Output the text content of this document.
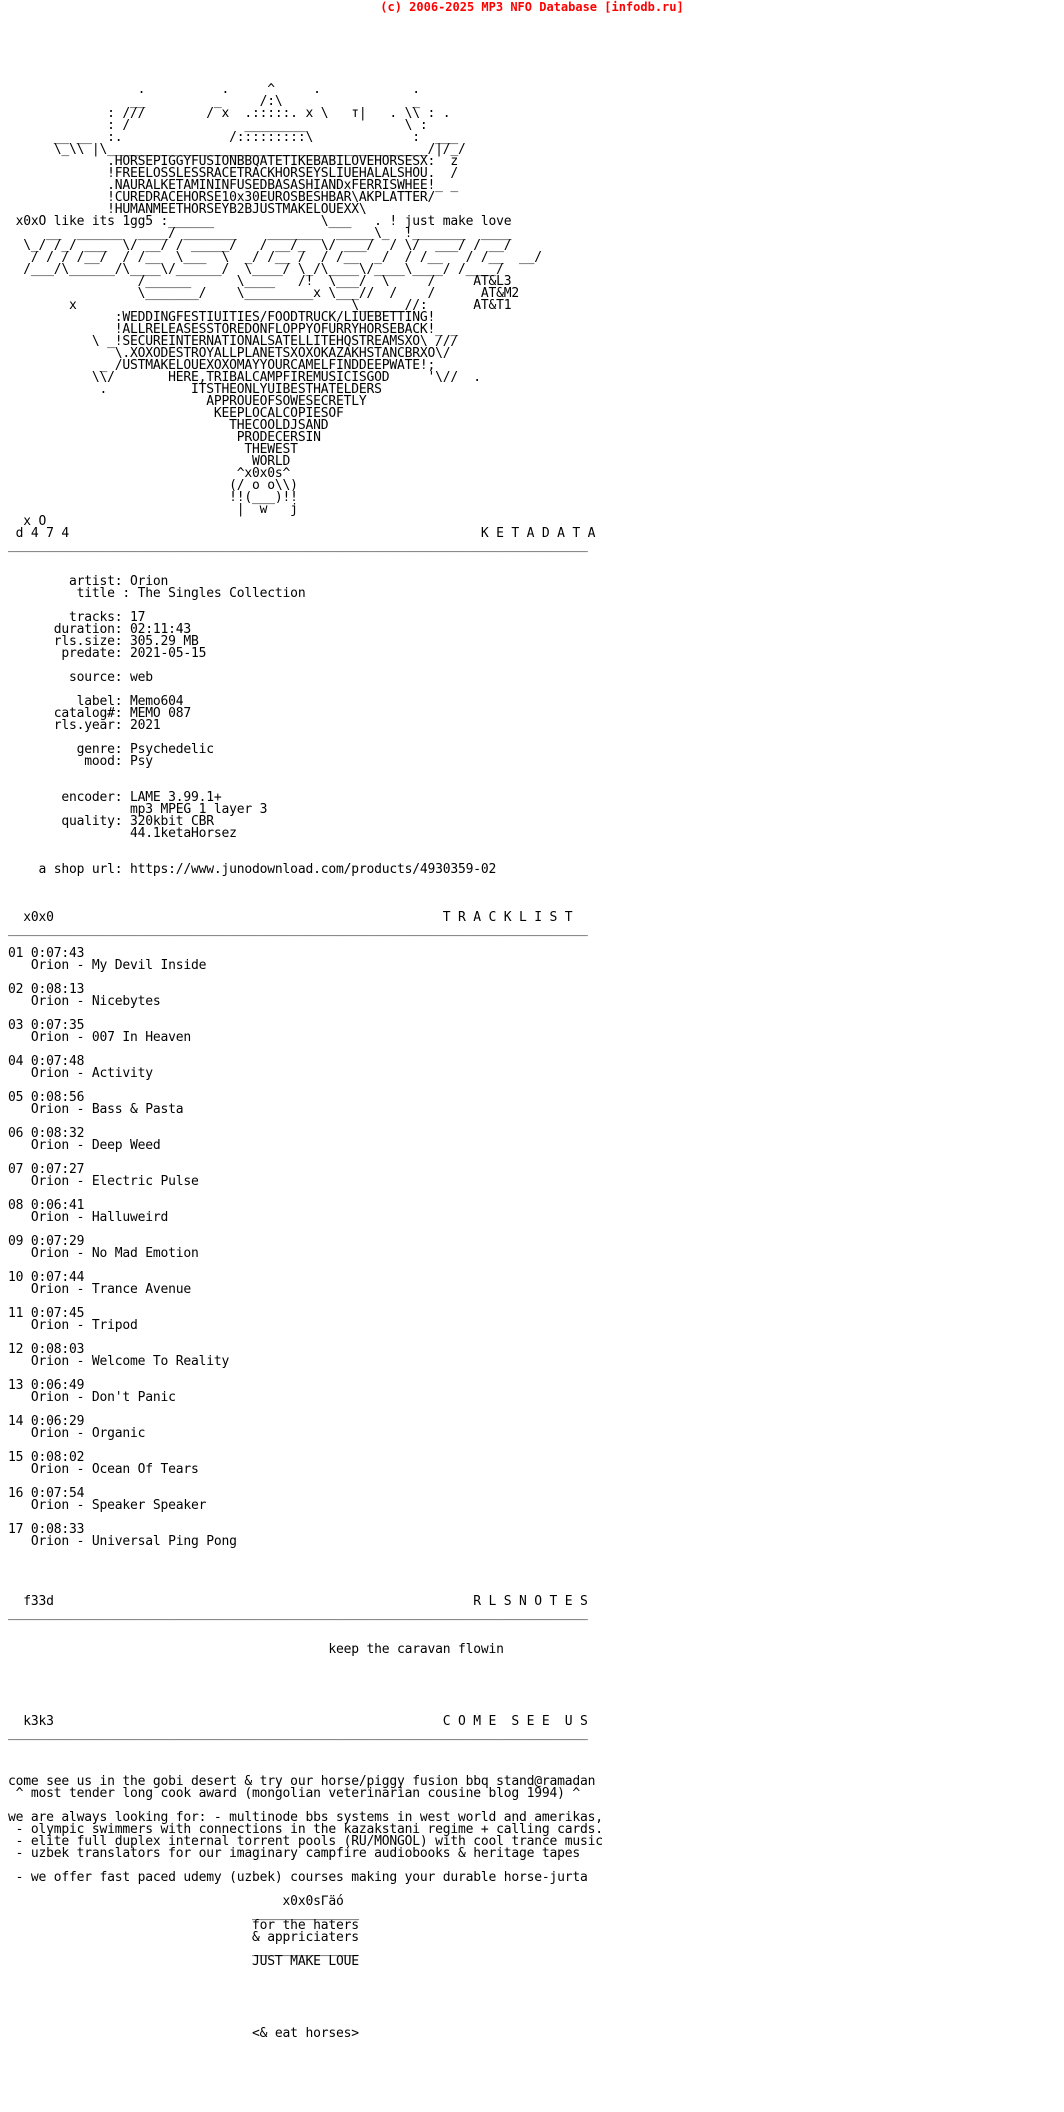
(c) 2006-2025 MP3 NFO Database [infodb.ru]
.          .     ^     .            .
__         _     /:\                 _
: ///        / x  .:::::. x \   т|   . \\ : .
: /               ________             \ :
__ __  :.              /:::::::::\             :  ___
\_\\ |\__________________________________________/|/_/
.HORSEPIGGYFUSIONBBQATETIKEBABILOVEHORSESX:  z
!FREELOSSLESSRACETRACKHORSEYSLIUEHALALSHOU.  /
.NAURALKETAMININFUSEDBASASHIANDxFERRISWHEE!_ _
!CUREDRACEHORSE10x30EUROSBESHBAR\AKPLATTER/
!HUMANMEETHORSEYB2BJUSTMAKELOUEXX\
x0xO like its 1gg5 :______              \___   . ! just make love
__  ______  ____/ _______    _______  _____\_  !_______  ____
\_/ /_/ ___  \/ __/ / _____/   / __/_  \/ ___/  / \/  ___/ / __/
/ / / /__/  / /__  \___  \  _/ /__ /  / /__  _/  / /__   / /__  __/
/___/\______/\____\/______/  \____/ \_/\____\/____\____/ /____/
/______      \____   /!  \___/  \     /     AT&L3
\_______/    \_________x \___//  /    /      AT&M2
x                                    \______//:      AT&T1
:WEDDINGFESTIUITIES/FOODTRUCK/LIUEBETTING!
!ALLRELEASESSTOREDONFLOPPYOFURRYHORSEBACK!_ _
\ _!SECUREINTERNATIONALSATELLITEHQSTREAMSXO\ ///
\.XOXODESTROYALLPLANETSXOXOKAZAKHSTANCBRXO\/
_ /USTMAKELOUEXOXOMAYYOURCAMELFINDDEEPWATE!;
\\/       HERE,TRIBALCAMPFIREMUSICISGOD     '\//  .
.           ITSTHEONLYUIBESTHATELDERS
APPROUEOFSOWESECRETLY
KEEPLOCALCOPIESOF
THECOOLDJSAND
PRODECERSIN
THEWEST
WORLD
^x0x0s^
(/ o o\\)
!!(___)!!
|  w   j
x O
d 4 7 4                                                      K E T A D A T A
____________________________________________________________________________

artist: Orion
title : The Singles Collection

tracks: 17
duration: 02:11:43
rls.size: 305.29 MB
predate: 2021-05-15

source: web

label: Memo604
catalog#: MEMO 087
rls.year: 2021

genre: Psychedelic
mood: Psy

encoder: LAME 3.99.1+
mp3 MPEG 1 layer 3
quality: 320kbit CBR
44.1ketaHorsez

a shop url: https://www.junodownload.com/products/4930359-02

x0x0                                                   T R A C K L I S T
____________________________________________________________________________

01 0:07:43
Orion - My Devil Inside

02 0:08:13
Orion - Nicebytes

03 0:07:35
Orion - 007 In Heaven

04 0:07:48
Orion - Activity

05 0:08:56
Orion - Bass & Pasta

06 0:08:32
Orion - Deep Weed

07 0:07:27
Orion - Electric Pulse

08 0:06:41
Orion - Halluweird

09 0:07:29
Orion - No Mad Emotion

10 0:07:44
Orion - Trance Avenue

11 0:07:45
Orion - Tripod

12 0:08:03
Orion - Welcome To Reality

13 0:06:49
Orion - Don't Panic

14 0:06:29
Orion - Organic

15 0:08:02
Orion - Ocean Of Tears

16 0:07:54
Orion - Speaker Speaker

17 0:08:33
Orion - Universal Ping Pong

f33d                                                       R L S N O T E S
____________________________________________________________________________

keep the caravan flowin

k3k3                                                   C O M E  S E E  U S
____________________________________________________________________________

come see us in the gobi desert & try our horse/piggy fusion bbq stand@ramadan
^ most tender long cook award (mongolian veterinarian cousine blog 1994) ^

we are always looking for: - multinode bbs systems in west world and amerikas,
- olympic swimmers with connections in the kazakstani regime + calling cards.
- elite full duplex internal torrent pools (RU/MONGOL) with cool trance music
- uzbek translators for our imaginary campfire audiobooks & heritage tapes

- we offer fast paced udemy (uzbek) courses making your durable horse-jurta

x0x0sΓäó
______________
for the haters
& appriciaters
______________
JUST MAKE LOUE

<& eat horses>
